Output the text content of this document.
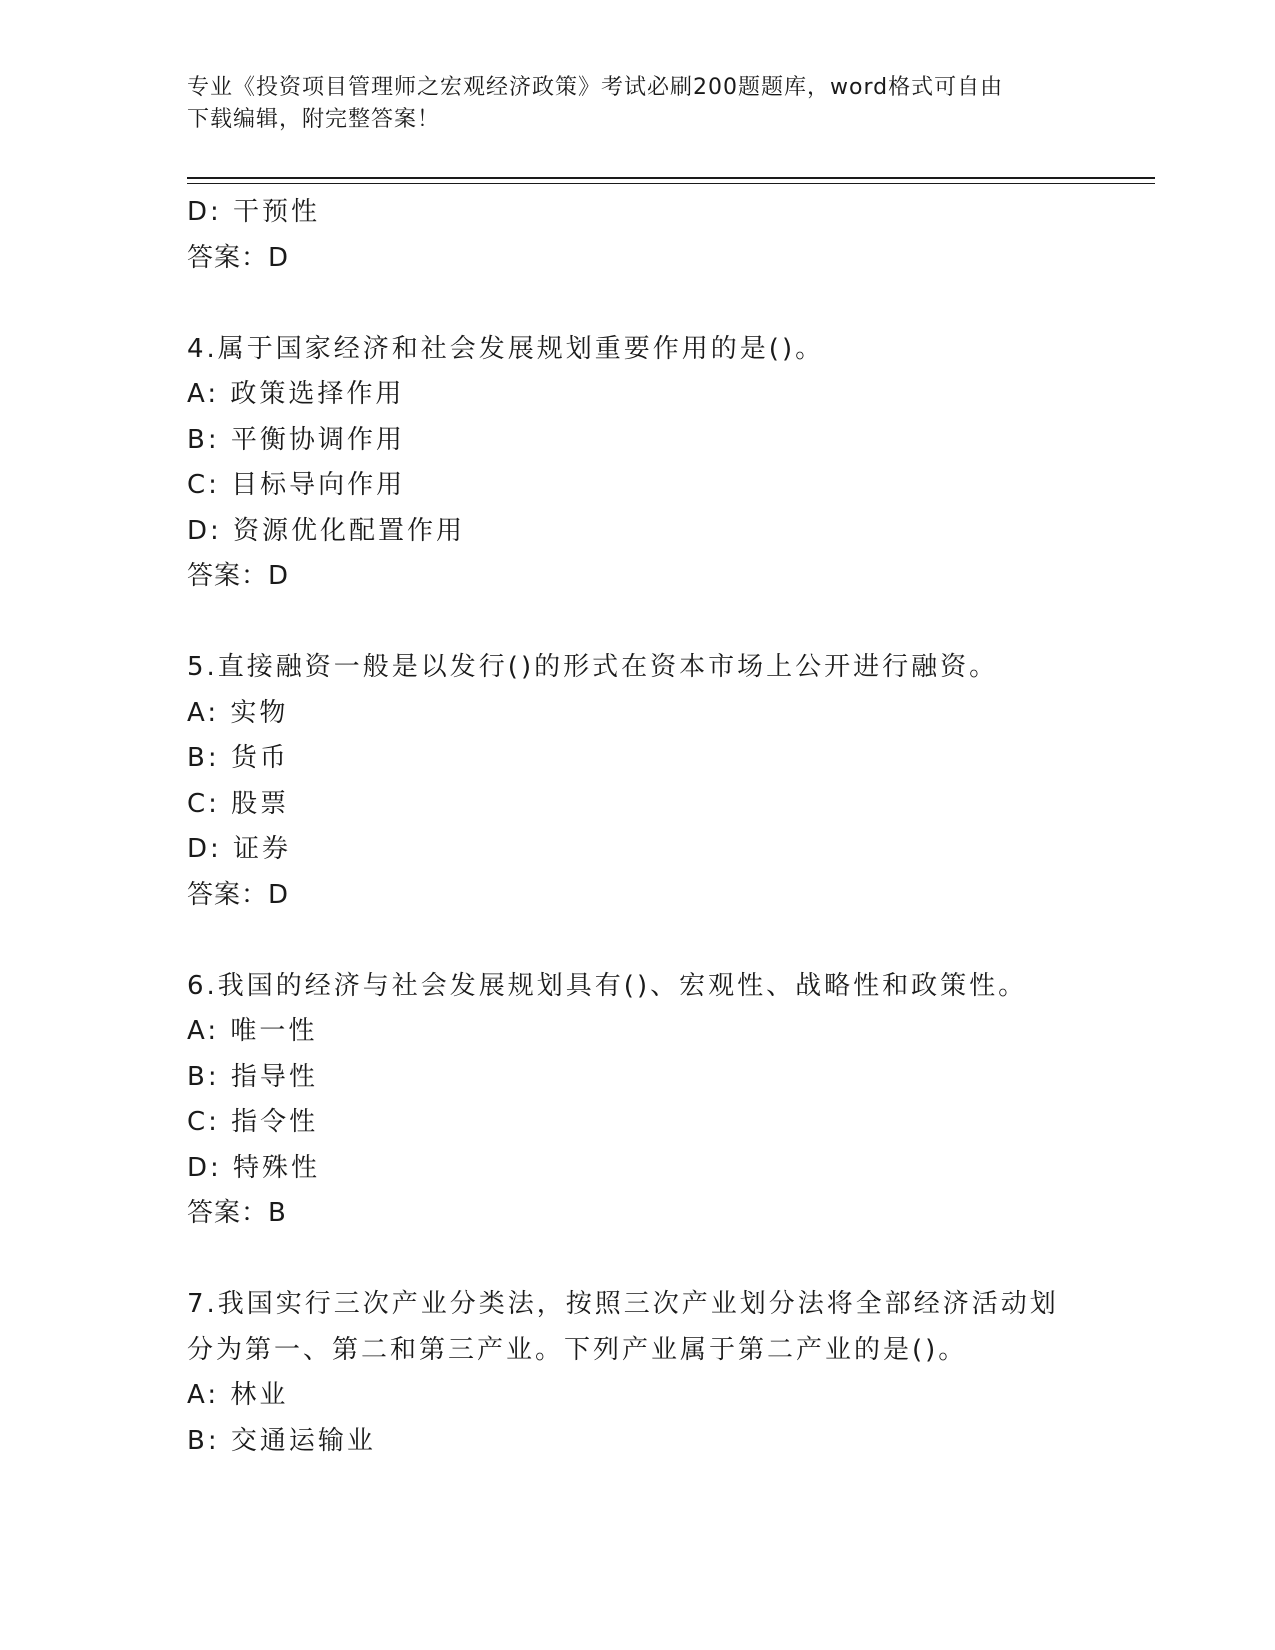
专业《投资项目管理师之宏观经济政策》考试必刷200题题库，word格式可自由
下载编辑，附完整答案！
D: 干预性
答案：D
4.属于国家经济和社会发展规划重要作用的是()。
A: 政策选择作用
B: 平衡协调作用
C: 目标导向作用
D: 资源优化配置作用
答案：D
5.直接融资一般是以发行()的形式在资本市场上公开进行融资。
A: 实物
B: 货币
C: 股票
D: 证券
答案：D
6.我国的经济与社会发展规划具有()、宏观性、战略性和政策性。
A: 唯一性
B: 指导性
C: 指令性
D: 特殊性
答案：B
7.我国实行三次产业分类法，按照三次产业划分法将全部经济活动划
分为第一、第二和第三产业。下列产业属于第二产业的是()。
A: 林业
B: 交通运输业
